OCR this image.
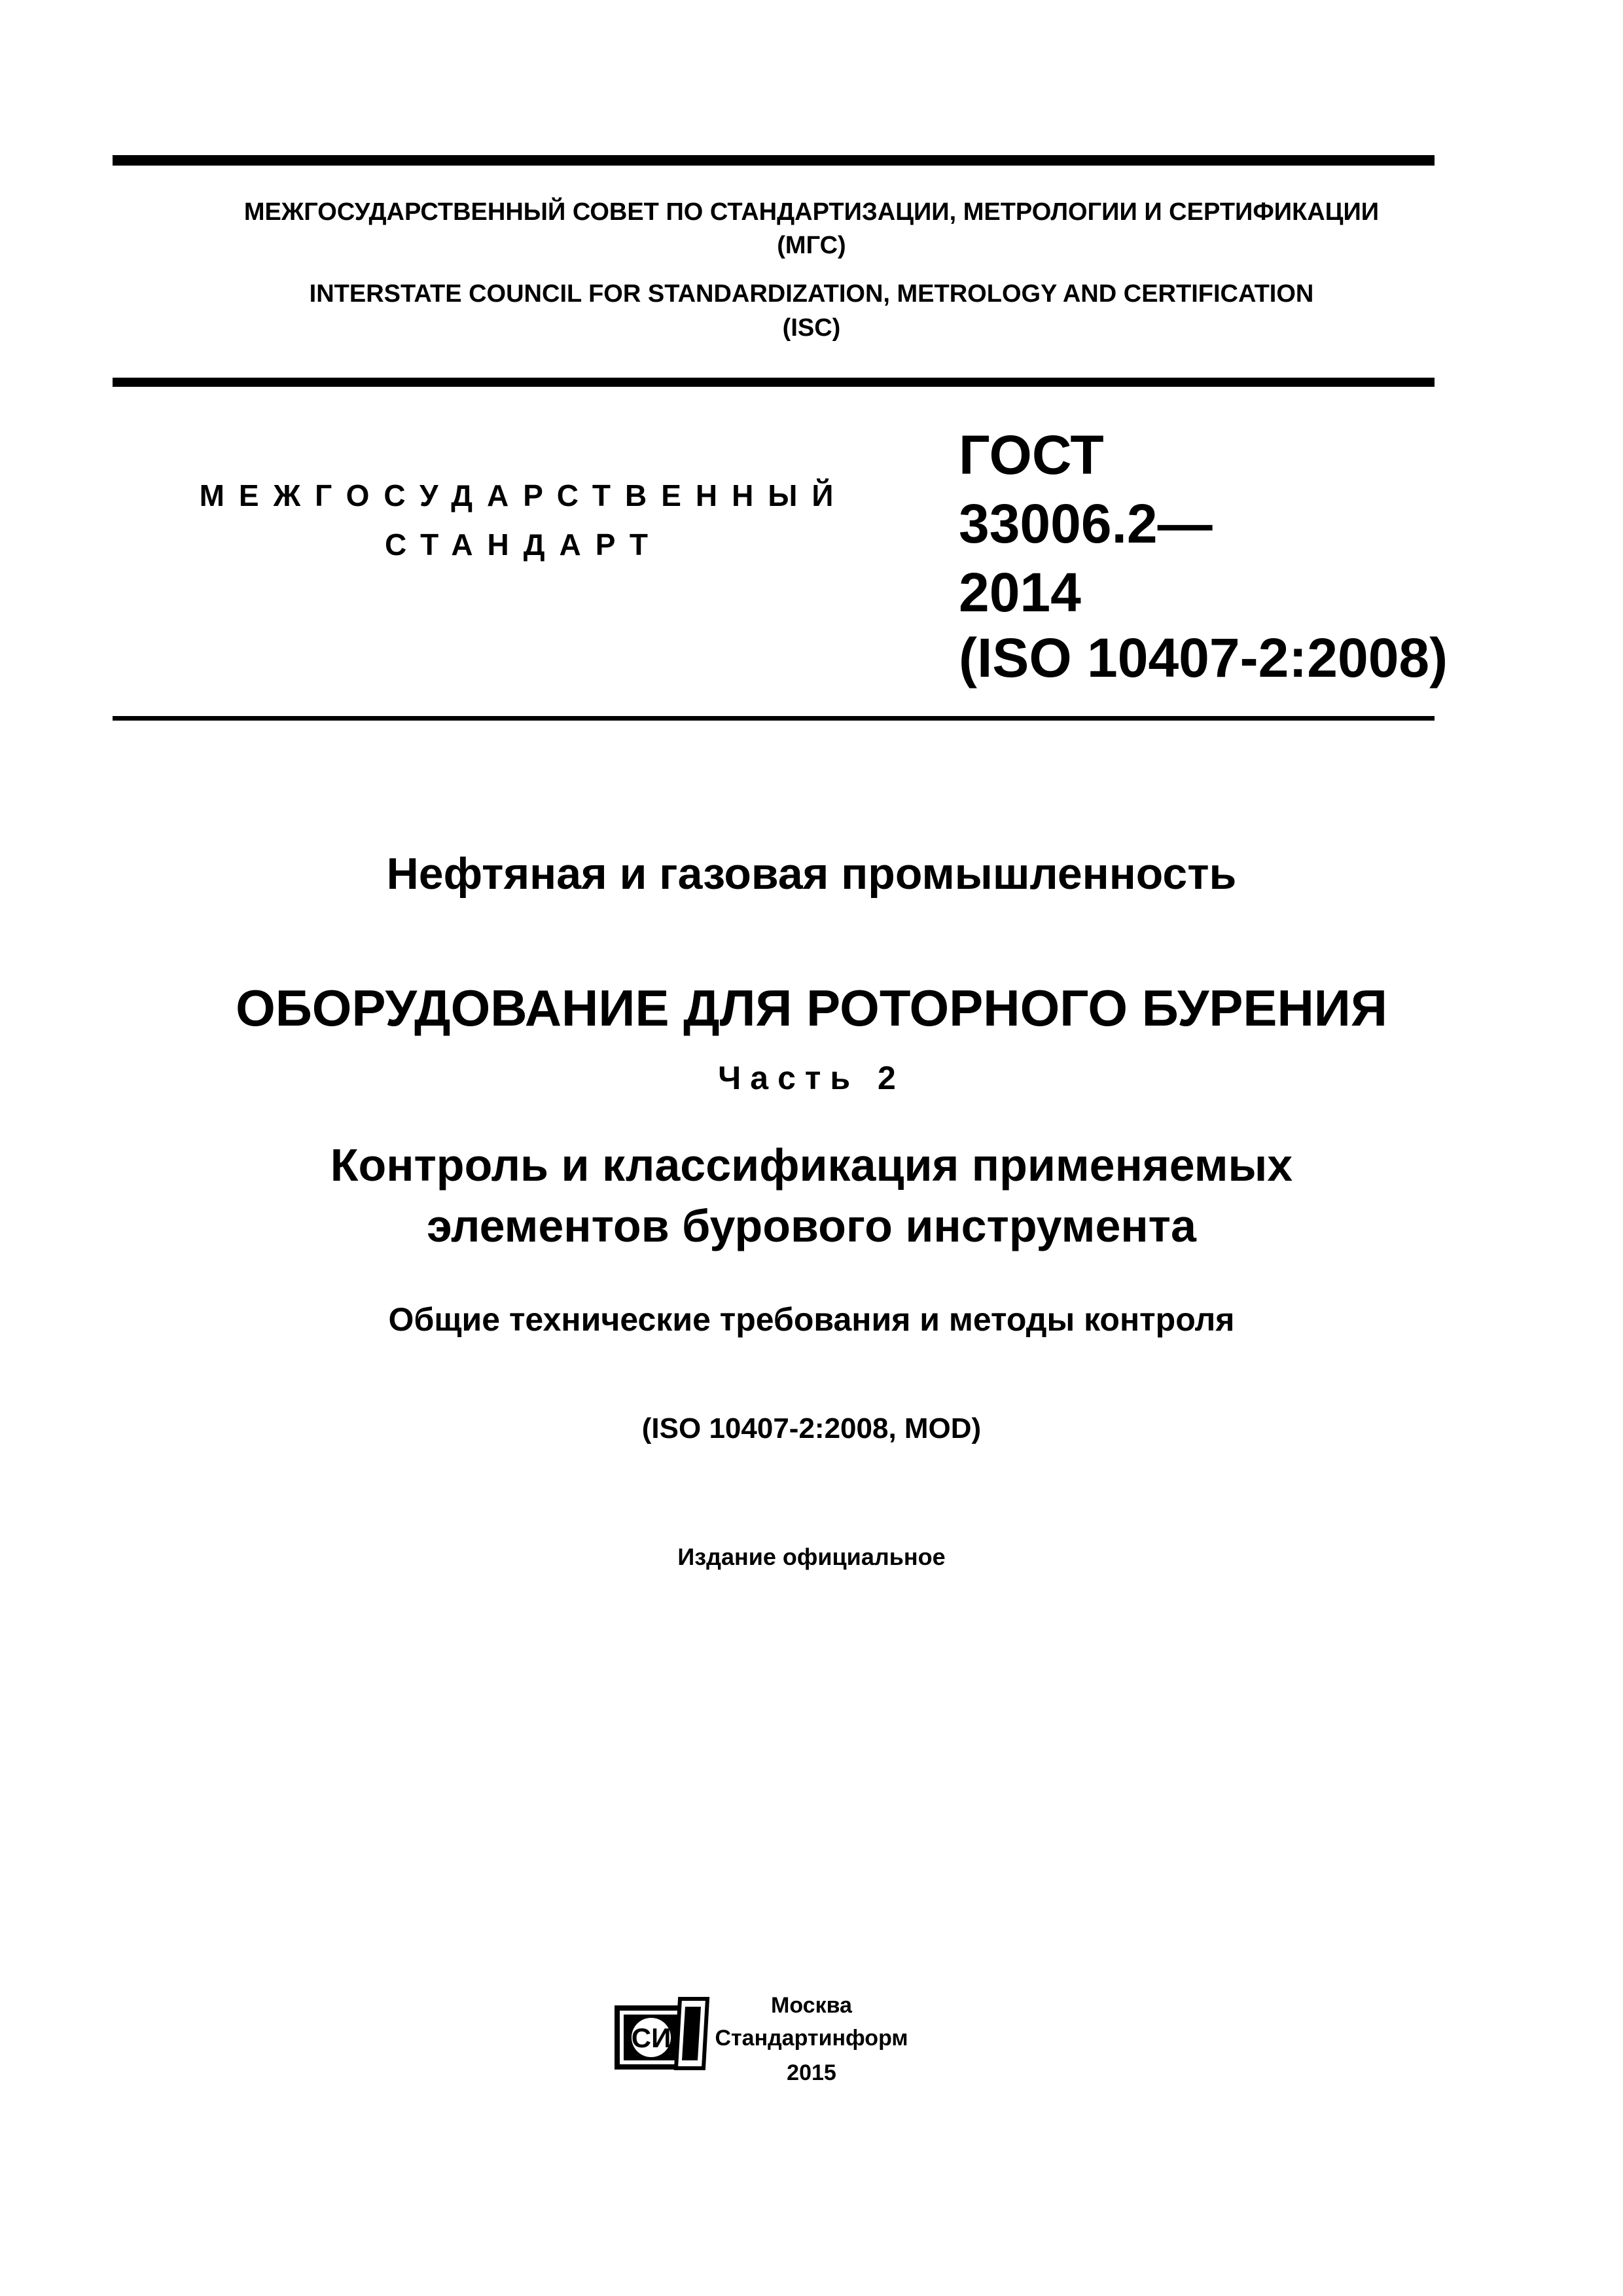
МЕЖГОСУДАРСТВЕННЫЙ СОВЕТ ПО СТАНДАРТИЗАЦИИ, МЕТРОЛОГИИ И СЕРТИФИКАЦИИ
(МГС)
INTERSTATE COUNCIL FOR STANDARDIZATION, METROLOGY AND CERTIFICATION
(ISC)
МЕЖГОСУДАРСТВЕННЫЙ
СТАНДАРТ
ГОСТ
33006.2—
2014
(ISO 10407-2:2008)
Нефтяная и газовая промышленность
ОБОРУДОВАНИЕ ДЛЯ РОТОРНОГО БУРЕНИЯ
Часть 2
Контроль и классификация применяемых
элементов бурового инструмента
Общие технические требования и методы контроля
(ISO 10407-2:2008, MOD)
Издание официальное
СИ
Москва
Стандартинформ
2015
